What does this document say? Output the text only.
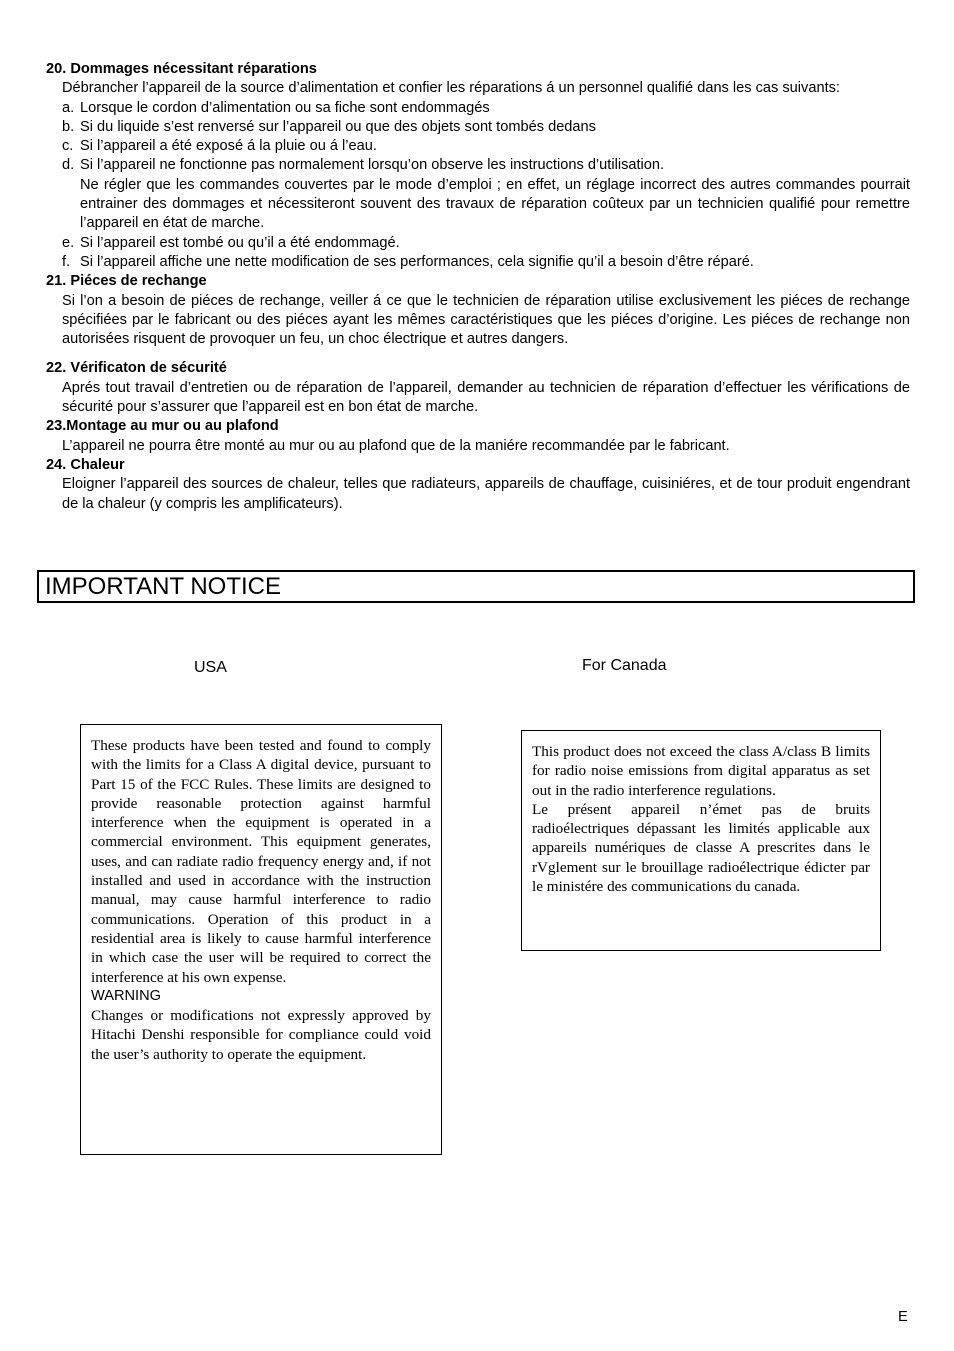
20. Dommages nécessitant réparations
Débrancher l’appareil de la source d’alimentation et confier les réparations á un personnel qualifié dans les cas suivants:
a. Lorsque le cordon d’alimentation ou sa fiche sont endommagés
b. Si du liquide s’est renversé sur l’appareil ou que des objets sont tombés dedans
c. Si l’appareil a été exposé á la pluie ou á l’eau.
d. Si l’appareil ne fonctionne pas normalement lorsqu’on observe les instructions d’utilisation.
Ne régler que les commandes couvertes par le mode d’emploi ; en effet, un réglage incorrect des autres commandes pourrait entrainer des dommages et nécessiteront souvent des travaux de réparation coûteux par un technicien qualifié pour remettre l’appareil en état de marche.
e. Si l’appareil est tombé ou qu’il a été endommagé.
f. Si l’appareil affiche une nette modification de ses performances, cela signifie qu’il a besoin d’être réparé.
21. Piéces de rechange
Si l’on a besoin de piéces de rechange, veiller á ce que le technicien de réparation utilise exclusivement les piéces de rechange spécifiées par le fabricant ou des piéces ayant les mêmes caractéristiques que les piéces d’origine. Les piéces de rechange non autorisées risquent de provoquer un feu, un choc électrique et autres dangers.
22. Vérificaton de sécurité
Aprés tout travail d’entretien ou de réparation de l’appareil, demander au technicien de réparation d’effectuer les vérifications de sécurité pour s’assurer que l’appareil est en bon état de marche.
23.Montage au mur ou au plafond
L’appareil ne pourra être monté au mur ou au plafond que de la maniére recommandée par le fabricant.
24. Chaleur
Eloigner l’appareil des sources de chaleur, telles que radiateurs, appareils de chauffage, cuisiniéres, et de tour produit engendrant de la chaleur (y compris les amplificateurs).
IMPORTANT NOTICE
USA	For Canada
These products have been tested and found to comply with the limits for a Class A digital device, pursuant to Part 15 of the FCC Rules. These limits are designed to provide reasonable protection against harmful interference when the equipment is operated in a commercial environment. This equipment generates, uses, and can radiate radio frequency energy and, if not installed and used in accordance with the instruction manual, may cause harmful interference to radio communications. Operation of this product in a residential area is likely to cause harmful interference in which case the user will be required to correct the interference at his own expense.
WARNING
Changes or modifications not expressly approved by Hitachi Denshi responsible for compliance could void the user’s authority to operate the equipment.
This product does not exceed the class A/class B limits for radio noise emissions from digital apparatus as set out in the radio interference regulations.
Le présent appareil n’émet pas de bruits radioélectriques dépassant les limités applicable aux appareils numériques de classe A prescrites dans le rVglement sur le brouillage radioélectrique édicter par le ministére des communications du canada.
E
